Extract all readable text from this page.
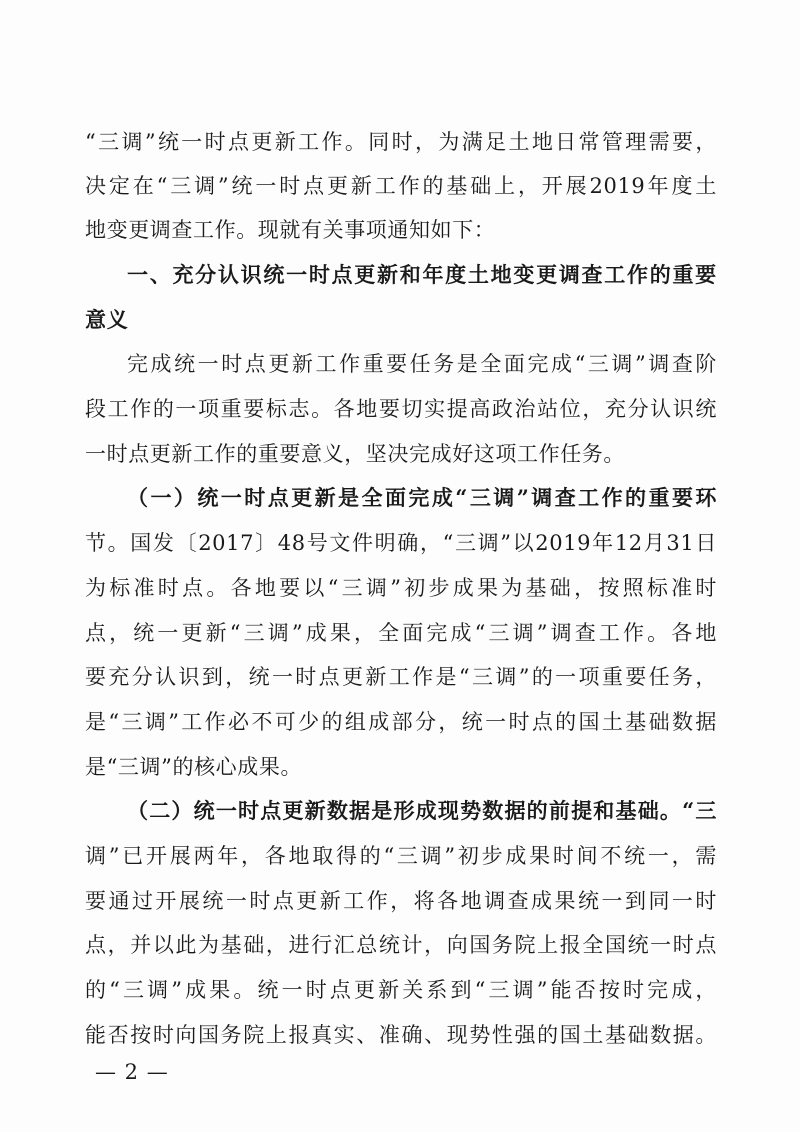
“三调”统一时点更新工作。同时，为满足土地日常管理需要，
决定在“三调”统一时点更新工作的基础上，开展2019年度土
地变更调查工作。现就有关事项通知如下：
一、充分认识统一时点更新和年度土地变更调查工作的重要
意义
完成统一时点更新工作重要任务是全面完成“三调”调查阶
段工作的一项重要标志。各地要切实提高政治站位，充分认识统
一时点更新工作的重要意义，坚决完成好这项工作任务。
（一）统一时点更新是全面完成“三调”调查工作的重要环
节。国发〔2017〕48号文件明确，“三调”以2019年12月31日
为标准时点。各地要以“三调”初步成果为基础，按照标准时
点，统一更新“三调”成果，全面完成“三调”调查工作。各地
要充分认识到，统一时点更新工作是“三调”的一项重要任务，
是“三调”工作必不可少的组成部分，统一时点的国土基础数据
是“三调”的核心成果。
（二）统一时点更新数据是形成现势数据的前提和基础。“三
调”已开展两年，各地取得的“三调”初步成果时间不统一，需
要通过开展统一时点更新工作，将各地调查成果统一到同一时
点，并以此为基础，进行汇总统计，向国务院上报全国统一时点
的“三调”成果。统一时点更新关系到“三调”能否按时完成，
能否按时向国务院上报真实、准确、现势性强的国土基础数据。
— 2 —
